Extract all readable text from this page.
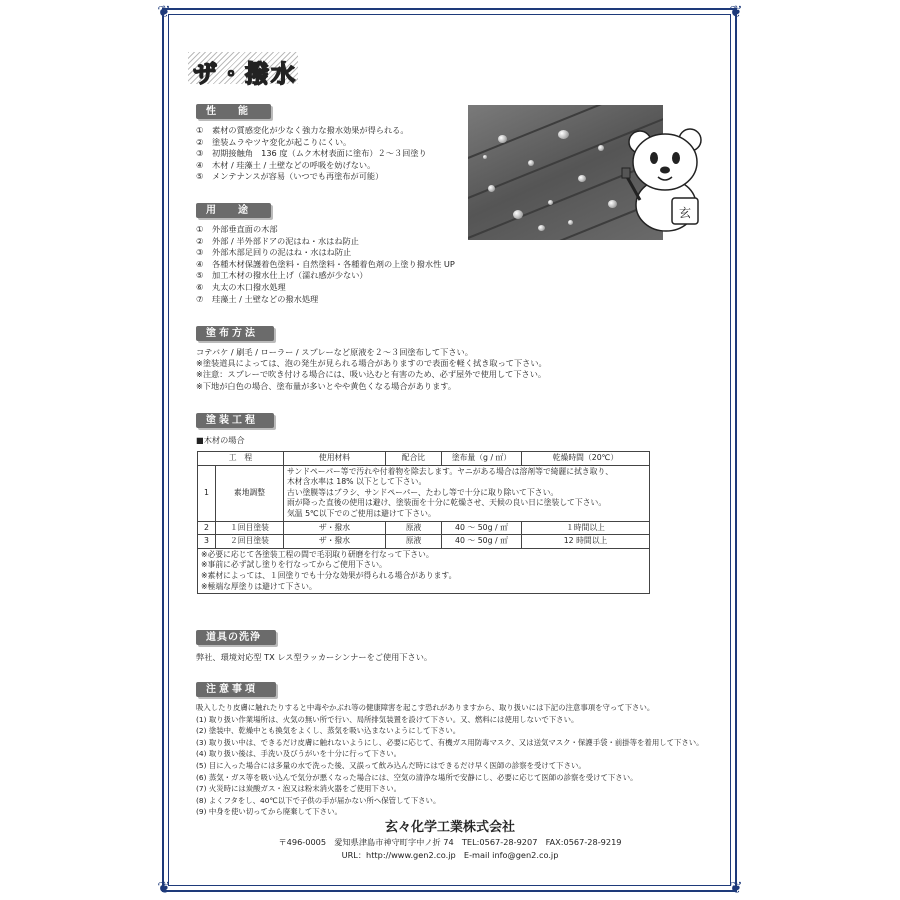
❦	❦
❦	❦
ザ・撥水
性　能
① 素材の質感変化が少なく強力な撥水効果が得られる。
② 塗装ムラやツヤ変化が起こりにくい。
③ 初期接触角　136 度（ムク木材表面に塗布）２～３回塗り
④ 木材 / 珪藻土 / 土壁などの呼吸を妨げない。
⑤ メンテナンスが容易（いつでも再塗布が可能）
玄
用　途
① 外部垂直面の木部
② 外部 / 半外部ドアの泥はね・水はね防止
③ 外部木部足回りの泥はね・水はね防止
④ 各種木材保護着色塗料・自然塗料・各種着色剤の上塗り撥水性 UP
⑤ 加工木材の撥水仕上げ（濡れ感が少ない）
⑥ 丸太の木口撥水処理
⑦ 珪藻土 / 土壁などの撥水処理
塗布方法
コテバケ / 刷毛 / ローラー / スプレーなど原液を２～３回塗布して下さい。
※塗装道具によっては、泡の発生が見られる場合がありますので表面を軽く拭き取って下さい。
※注意：スプレーで吹き付ける場合には、吸い込むと有害のため、必ず屋外で使用して下さい。
※下地が白色の場合、塗布量が多いとやや黄色くなる場合があります。
塗装工程
■木材の場合
工　程		使用材料	配合比	塗布量（g / ㎡）	乾燥時間（20℃）
1	素地調整	サンドペーパー等で汚れや付着物を除去します。ヤニがある場合は溶剤等で綺麗に拭き取り、
木材含水率は 18% 以下として下さい。
古い塗膜等はブラシ、サンドペーパー、たわし等で十分に取り除いて下さい。
雨が降った直後の使用は避け、塗装面を十分に乾燥させ、天候の良い日に塗装して下さい。
気温 5℃以下でのご使用は避けて下さい。			

2	１回目塗装	ザ・撥水	原液	40 ～ 50g / ㎡	１時間以上
3	２回目塗装	ザ・撥水	原液	40 ～ 50g / ㎡	12 時間以上

※必要に応じて各塗装工程の間で毛羽取り研磨を行なって下さい。
※事前に必ず試し塗りを行なってからご使用下さい。
※素材によっては、１回塗りでも十分な効果が得られる場合があります。
※極端な厚塗りは避けて下さい。					
道具の洗浄
弊社、環境対応型 TX レス型ラッカーシンナーをご使用下さい。
注意事項
吸入したり皮膚に触れたりすると中毒やかぶれ等の健康障害を起こす恐れがありますから、取り扱いには下記の注意事項を守って下さい。
(1) 取り扱い作業場所は、火気の無い所で行い、局所排気装置を設けて下さい。又、燃料には使用しないで下さい。
(2) 塗装中、乾燥中とも換気をよくし、蒸気を吸い込まないようにして下さい。
(3) 取り扱い中は、できるだけ皮膚に触れないようにし、必要に応じて、有機ガス用防毒マスク、又は送気マスク・保護手袋・前掛等を着用して下さい。
(4) 取り扱い後は、手洗い及びうがいを十分に行って下さい。
(5) 目に入った場合には多量の水で洗った後、又誤って飲み込んだ時にはできるだけ早く医師の診察を受けて下さい。
(6) 蒸気・ガス等を吸い込んで気分が悪くなった場合には、空気の清浄な場所で安静にし、必要に応じて医師の診察を受けて下さい。
(7) 火災時には炭酸ガス・泡又は粉末消火器をご使用下さい。
(8) よくフタをし、40℃以下で子供の手が届かない所へ保管して下さい。
(9) 中身を使い切ってから廃棄して下さい。
玄々化学工業株式会社
〒496-0005　愛知県津島市神守町字中ノ折 74　TEL:0567-28-9207　FAX:0567-28-9219
URL：http://www.gen2.co.jp　E-mail info@gen2.co.jp
